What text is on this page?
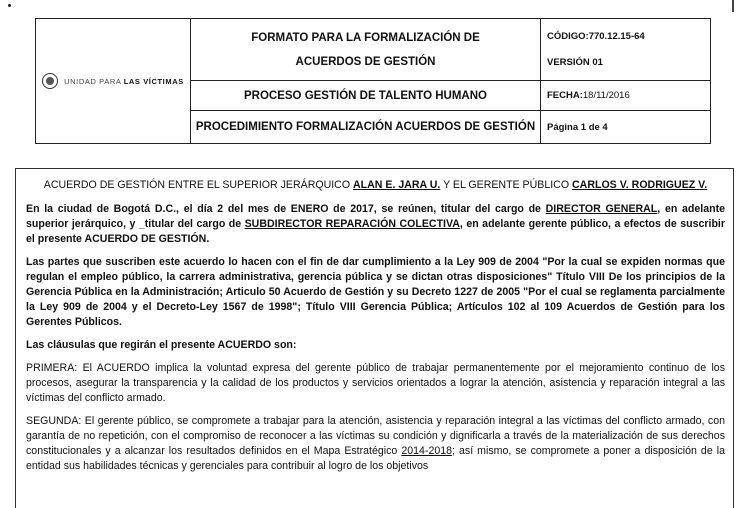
UNIDAD PARA LAS VÍCTIMAS
FORMATO PARA LA FORMALIZACIÓN DE
ACUERDOS DE GESTIÓN
CÓDIGO:770.12.15-64
VERSIÓN 01
PROCESO GESTIÓN DE TALENTO HUMANO	FECHA: 18/11/2016
PROCEDIMIENTO FORMALIZACIÓN ACUERDOS DE GESTIÓN	Página 1 de 4

ACUERDO DE GESTIÓN ENTRE EL SUPERIOR JERÁRQUICO ALAN E. JARA U. Y EL GERENTE PÚBLICO CARLOS V. RODRIGUEZ V.

En la ciudad de Bogotá D.C., el día 2 del mes de ENERO de 2017, se reúnen, titular del cargo de DIRECTOR GENERAL, en adelante superior jerárquico, y _titular del cargo de SUBDIRECTOR REPARACIÓN COLECTIVA, en adelante gerente público, a efectos de suscribir el presente ACUERDO DE GESTIÓN.

Las partes que suscriben este acuerdo lo hacen con el fin de dar cumplimiento a la Ley 909 de 2004 "Por la cual se expiden normas que regulan el empleo público, la carrera administrativa, gerencia pública y se dictan otras disposiciones" Título VIII De los principios de la Gerencia Pública en la Administración; Articulo 50 Acuerdo de Gestión y su Decreto 1227 de 2005 "Por el cual se reglamenta parcialmente la Ley 909 de 2004 y el Decreto-Ley 1567 de 1998"; Título VIII Gerencia Pública; Artículos 102 al 109 Acuerdos de Gestión para los Gerentes Públicos.

Las cláusulas que regirán el presente ACUERDO son:

PRIMERA: El ACUERDO implica la voluntad expresa del gerente público de trabajar permanentemente por el mejoramiento continuo de los procesos, asegurar la transparencia y la calidad de los productos y servicios orientados a lograr la atención, asistencia y reparación integral a las víctimas del conflicto armado.

SEGUNDA: El gerente público, se compromete a trabajar para la atención, asistencia y reparación integral a las víctimas del conflicto armado, con garantía de no repetición, con el compromiso de reconocer a las víctimas su condición y dignificarla a través de la materialización de sus derechos constitucionales y a alcanzar los resultados definidos en el Mapa Estratégico 2014-2018; así mismo, se compromete a poner a disposición de la entidad sus habilidades técnicas y gerenciales para contribuir al logro de los objetivos
